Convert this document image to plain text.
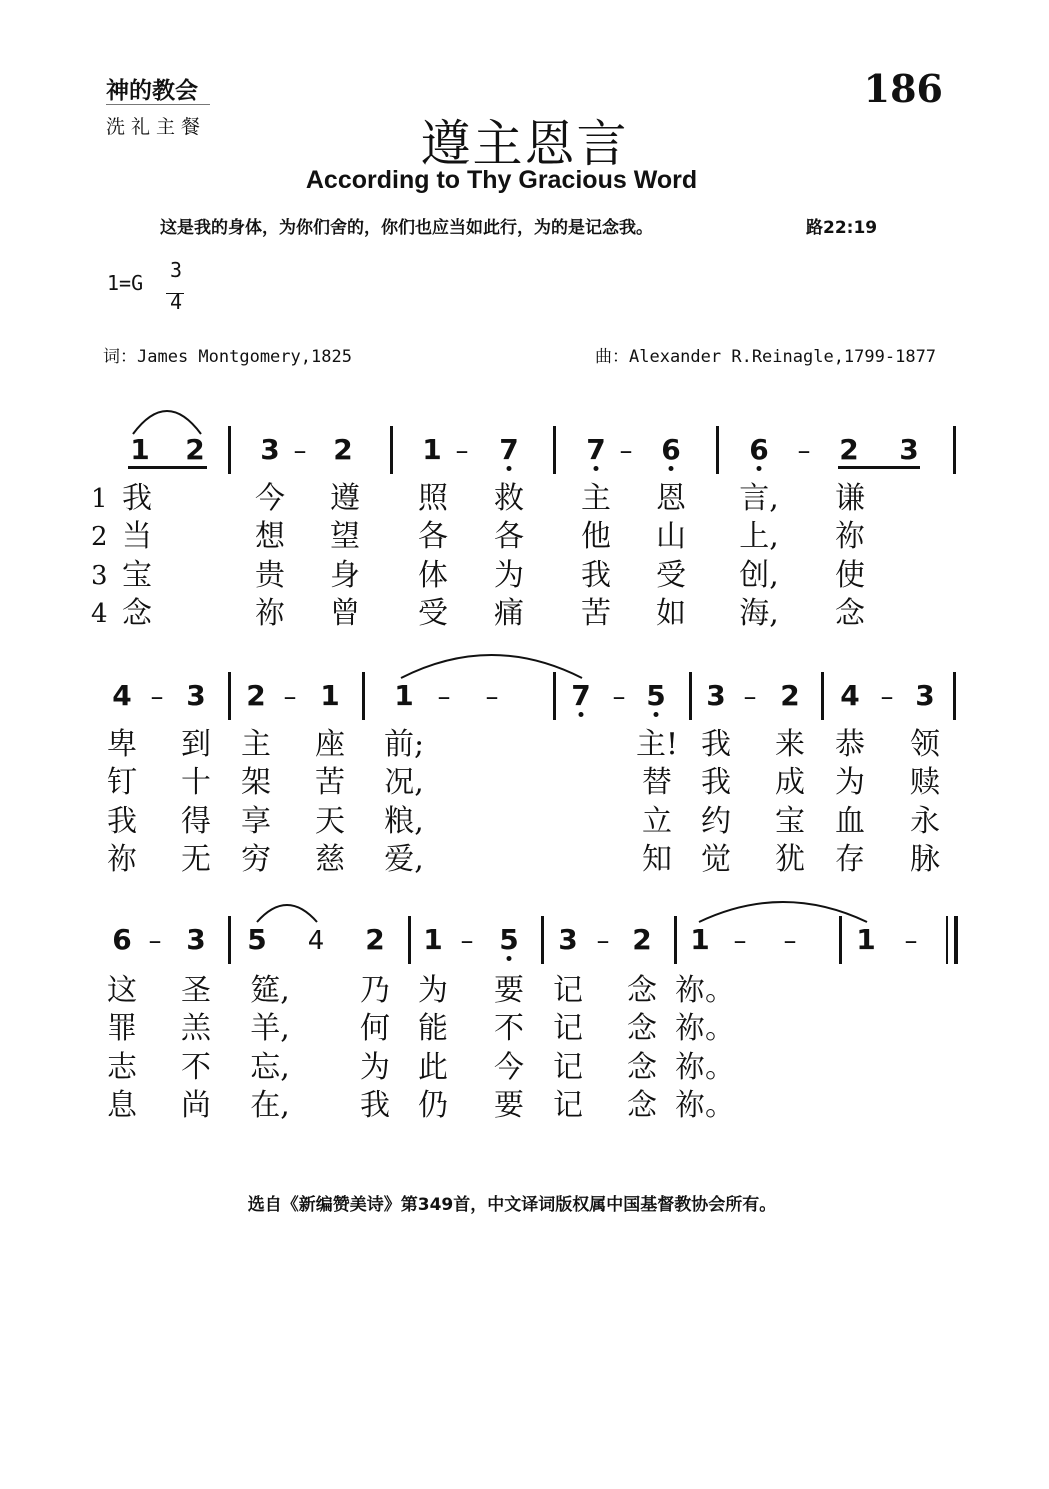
神的教会
洗礼主餐
186
遵主恩言
According to Thy Gracious Word
这是我的身体，为你们舍的，你们也应当如此行，为的是记念我。	路22:19
1=G
3
4
词：James Montgomery,1825	曲：Alexander R.Reinagle,1799-1877
1 2 3 – 2 1 – 7 7 – 6 6 – 2 3
1
2
3
4
我	今 遵 照 救 主 恩 言, 谦
当	想 望 各 各 他 山 上, 祢
宝	贵 身 体 为 我 受 创, 使
念	祢 曾 受 痛 苦 如 海, 念
4 – 3 2 – 1 1 – –	7 – 5 3 – 2 4 – 3
卑 到 主 座 前;	主! 我 来 恭 领
钉 十 架 苦 况,	替 我 成 为 赎
我 得 享 天 粮,	立 约 宝 血 永
祢 无 穷 慈 爱,	知 觉 犹 存 脉
6 – 3 5 4 2 1 – 5 3 – 2 1 – – 1 –
这 圣 筵, 乃 为 要 记 念 祢。
罪 羔 羊, 何 能 不 记 念 祢。
志 不 忘, 为 此 今 记 念 祢。
息 尚 在, 我 仍 要 记 念 祢。
选自《新编赞美诗》第349首，中文译词版权属中国基督教协会所有。
